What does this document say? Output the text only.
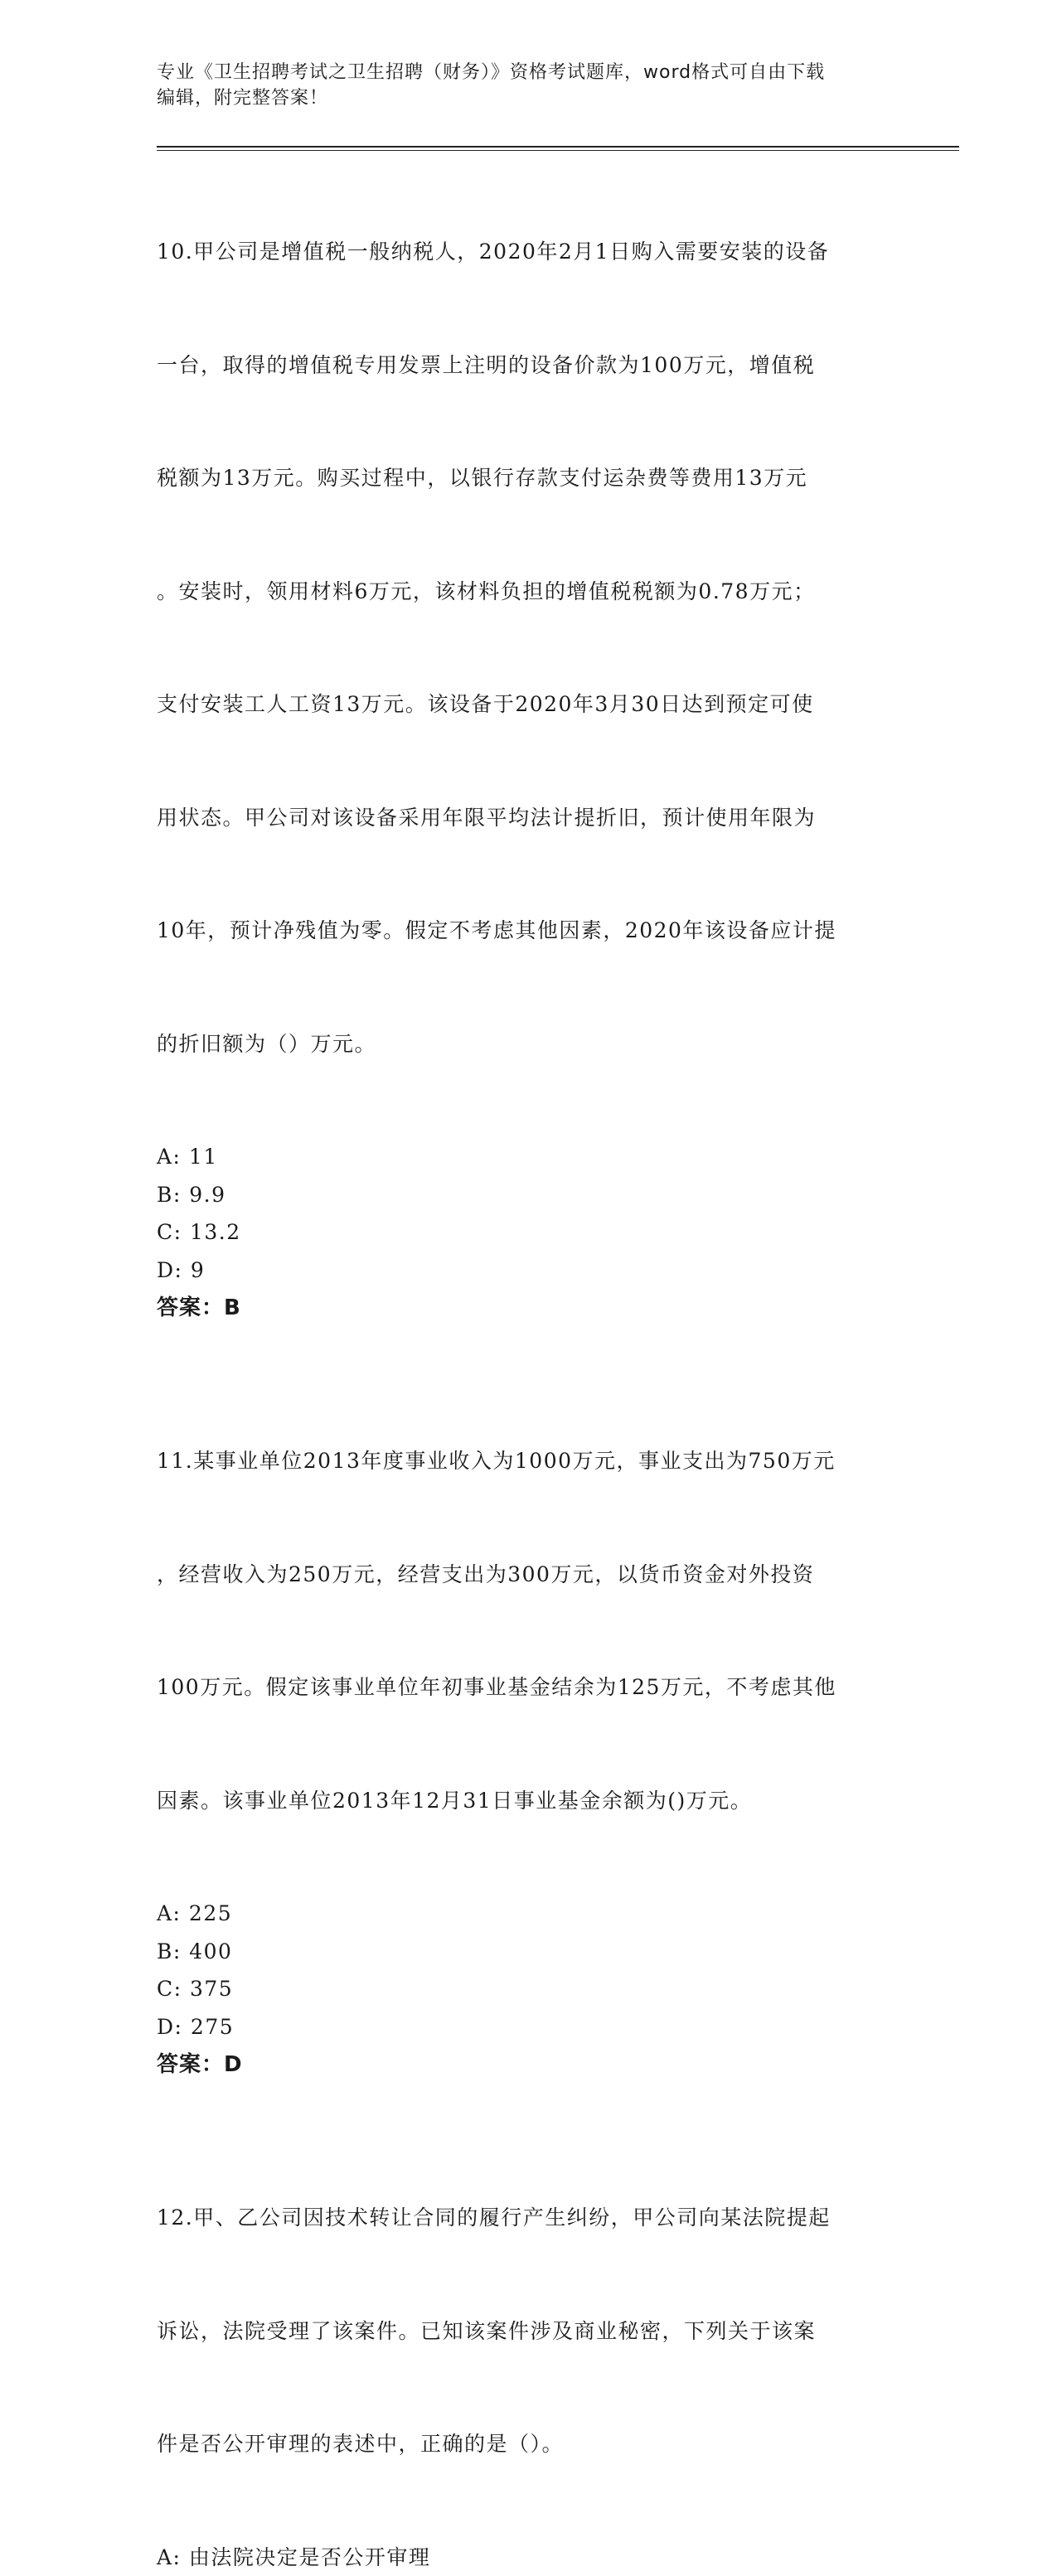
专业《卫生招聘考试之卫生招聘（财务）》资格考试题库，word格式可自由下载
编辑，附完整答案！

10.甲公司是增值税一般纳税人，2020年2月1日购入需要安装的设备

一台，取得的增值税专用发票上注明的设备价款为100万元，增值税

税额为13万元。购买过程中，以银行存款支付运杂费等费用13万元

。安装时，领用材料6万元，该材料负担的增值税税额为0.78万元；

支付安装工人工资13万元。该设备于2020年3月30日达到预定可使

用状态。甲公司对该设备采用年限平均法计提折旧，预计使用年限为

10年，预计净残值为零。假定不考虑其他因素，2020年该设备应计提

的折旧额为（）万元。

A: 11
B: 9.9
C: 13.2
D: 9
答案：B

11.某事业单位2013年度事业收入为1000万元，事业支出为750万元

，经营收入为250万元，经营支出为300万元，以货币资金对外投资

100万元。假定该事业单位年初事业基金结余为125万元，不考虑其他

因素。该事业单位2013年12月31日事业基金余额为()万元。

A: 225
B: 400
C: 375
D: 275
答案：D

12.甲、乙公司因技术转让合同的履行产生纠纷，甲公司向某法院提起

诉讼，法院受理了该案件。已知该案件涉及商业秘密，下列关于该案

件是否公开审理的表述中，正确的是（）。

A: 由法院决定是否公开审理
